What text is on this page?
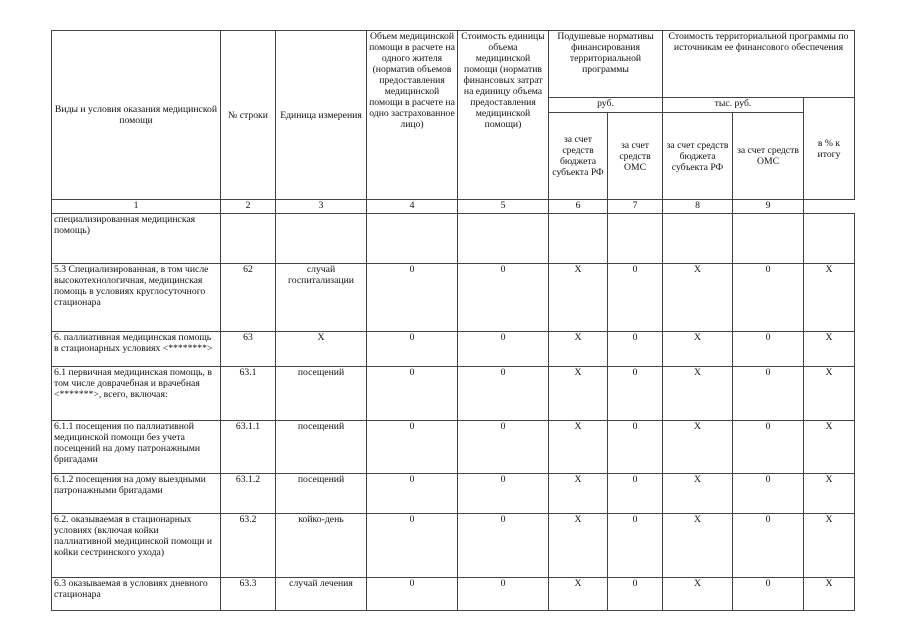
Виды и условия оказания медицинской помощи	№ строки	Единица измерения	Объем медицинской помощи в расчете на одного жителя (норматив объемов предоставления медицинской помощи в расчете на одно застрахованное лицо)	Стоимость единицы объема медицинской помощи (норматив финансовых затрат на единицу объема предоставления медицинской помощи)	Подушевые нормативы финансирования территориальной программы		Стоимость территориальной программы по источникам ее финансового обеспечения		
					руб.		тыс. руб.		в % к итогу
					за счет средств бюджета субъекта РФ	за счет средств ОМС	за счет средств бюджета субъекта РФ	за счет средств ОМС	
1	2	3	4	5	6	7	8	9	
специализированная медицинская помощь)									
5.3 Специализированная, в том числе высокотехнологичная, медицинская помощь в условиях круглосуточного стационара	62	случай госпитализации	0	0	X	0	X	0	X
6. паллиативная медицинская помощь в стационарных условиях <********>	63	X	0	0	X	0	X	0	X
6.1 первичная медицинская помощь, в том числе доврачебная и врачебная <*******>, всего, включая:	63.1	посещений	0	0	X	0	X	0	X
6.1.1 посещения по паллиативной медицинской помощи без учета посещений на дому патронажными бригадами	63.1.1	посещений	0	0	X	0	X	0	X
6.1.2 посещения на дому выездными патронажными бригадами	63.1.2	посещений	0	0	X	0	X	0	X
6.2. оказываемая в стационарных условиях (включая койки паллиативной медицинской помощи и койки сестринского ухода)	63.2	койко-день	0	0	X	0	X	0	X
6.3 оказываемая в условиях дневного стационара	63.3	случай лечения	0	0	X	0	X	0	X
